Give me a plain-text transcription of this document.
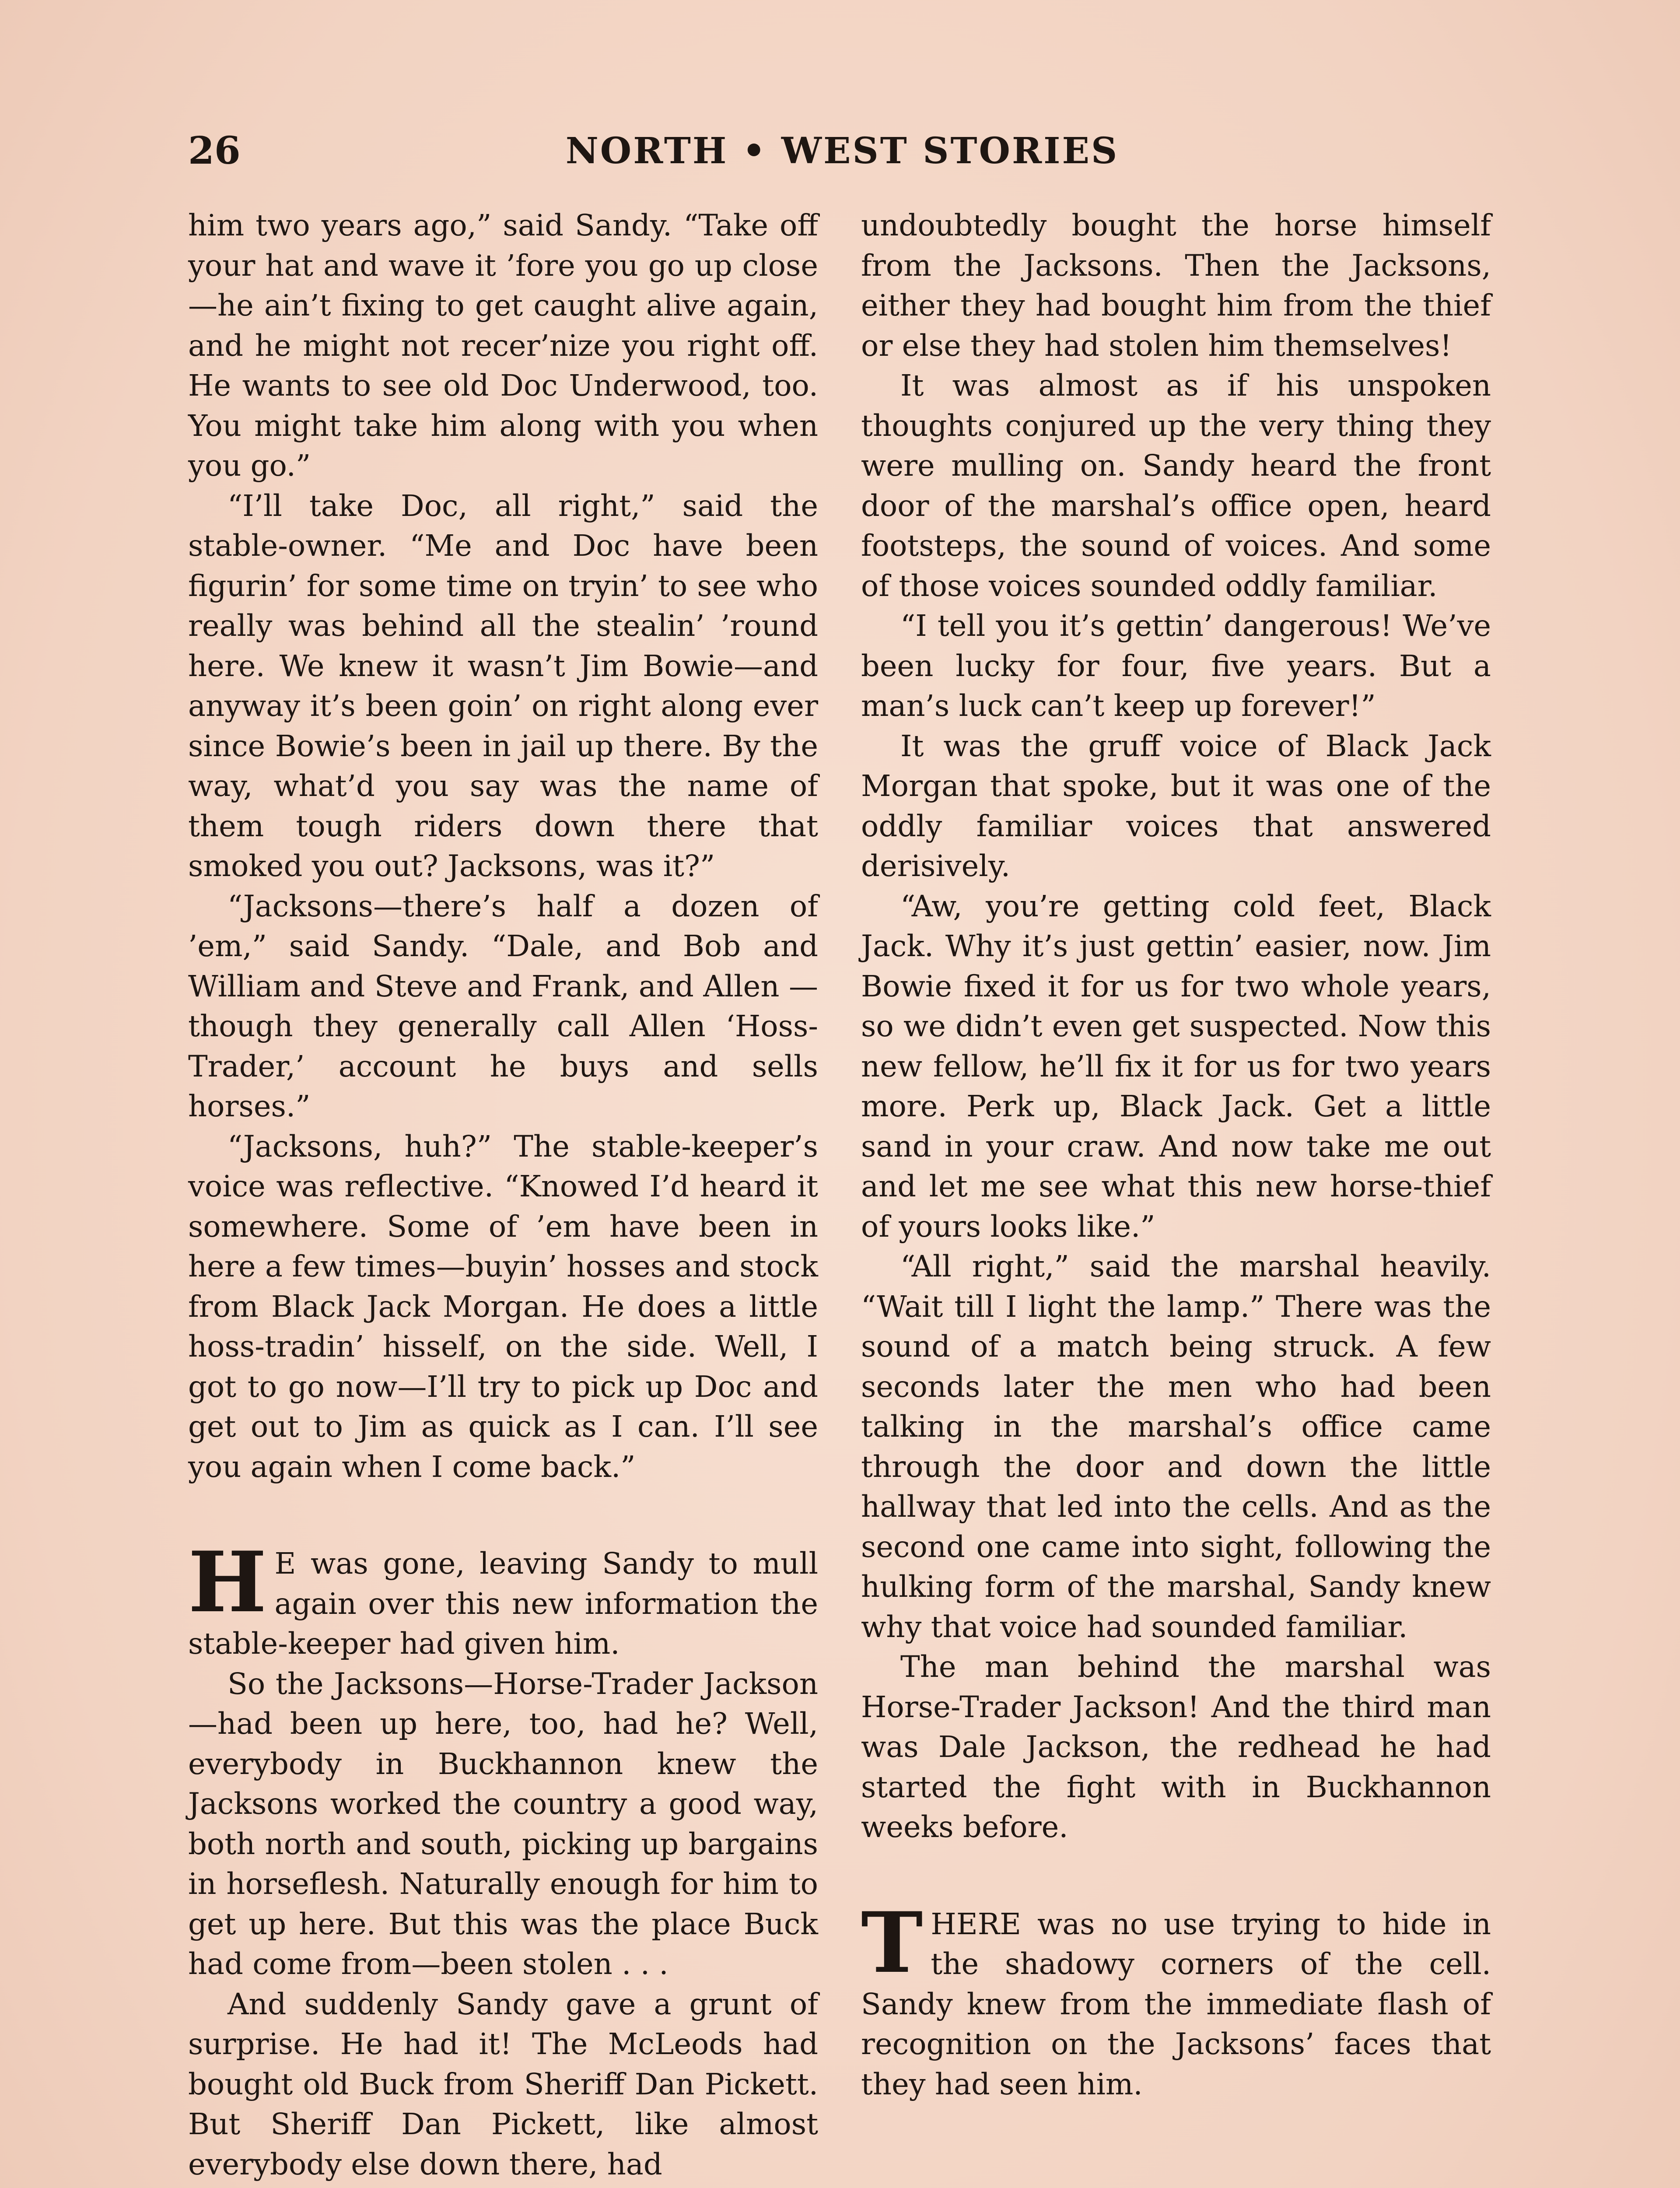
26	NORTH • WEST STORIES

him two years ago,” said Sandy. “Take off your hat and wave it ’fore you go up close—he ain’t fixing to get caught alive again, and he might not recer’nize you right off. He wants to see old Doc Underwood, too. You might take him along with you when you go.”

“I’ll take Doc, all right,” said the stable-owner. “Me and Doc have been figurin’ for some time on tryin’ to see who really was behind all the stealin’ ’round here. We knew it wasn’t Jim Bowie—and anyway it’s been goin’ on right along ever since Bowie’s been in jail up there. By the way, what’d you say was the name of them tough riders down there that smoked you out? Jacksons, was it?”

“Jacksons—there’s half a dozen of ’em,” said Sandy. “Dale, and Bob and William and Steve and Frank, and Allen —though they generally call Allen ‘Hoss-Trader,’ account he buys and sells horses.”

“Jacksons, huh?” The stable-keeper’s voice was reflective. “Knowed I’d heard it somewhere. Some of ’em have been in here a few times—buyin’ hosses and stock from Black Jack Morgan. He does a little hoss-tradin’ hisself, on the side. Well, I got to go now—I’ll try to pick up Doc and get out to Jim as quick as I can. I’ll see you again when I come back.”

H E was gone, leaving Sandy to mull again over this new information the stable-keeper had given him.

So the Jacksons—Horse-Trader Jackson—had been up here, too, had he? Well, everybody in Buckhannon knew the Jacksons worked the country a good way, both north and south, picking up bargains in horseflesh. Naturally enough for him to get up here. But this was the place Buck had come from—been stolen . . .

And suddenly Sandy gave a grunt of surprise. He had it! The McLeods had bought old Buck from Sheriff Dan Pickett. But Sheriff Dan Pickett, like almost everybody else down there, had

undoubtedly bought the horse himself from the Jacksons. Then the Jacksons, either they had bought him from the thief or else they had stolen him themselves!

It was almost as if his unspoken thoughts conjured up the very thing they were mulling on. Sandy heard the front door of the marshal’s office open, heard footsteps, the sound of voices. And some of those voices sounded oddly familiar.

“I tell you it’s gettin’ dangerous! We’ve been lucky for four, five years. But a man’s luck can’t keep up forever!”

It was the gruff voice of Black Jack Morgan that spoke, but it was one of the oddly familiar voices that answered derisively.

“Aw, you’re getting cold feet, Black Jack. Why it’s just gettin’ easier, now. Jim Bowie fixed it for us for two whole years, so we didn’t even get suspected. Now this new fellow, he’ll fix it for us for two years more. Perk up, Black Jack. Get a little sand in your craw. And now take me out and let me see what this new horse-thief of yours looks like.”

“All right,” said the marshal heavily. “Wait till I light the lamp.” There was the sound of a match being struck. A few seconds later the men who had been talking in the marshal’s office came through the door and down the little hallway that led into the cells. And as the second one came into sight, following the hulking form of the marshal, Sandy knew why that voice had sounded familiar.

The man behind the marshal was Horse-Trader Jackson! And the third man was Dale Jackson, the redhead he had started the fight with in Buckhannon weeks before.

THERE was no use trying to hide in the shadowy corners of the cell. Sandy knew from the immediate flash of recognition on the Jacksons’ faces that they had seen him.
